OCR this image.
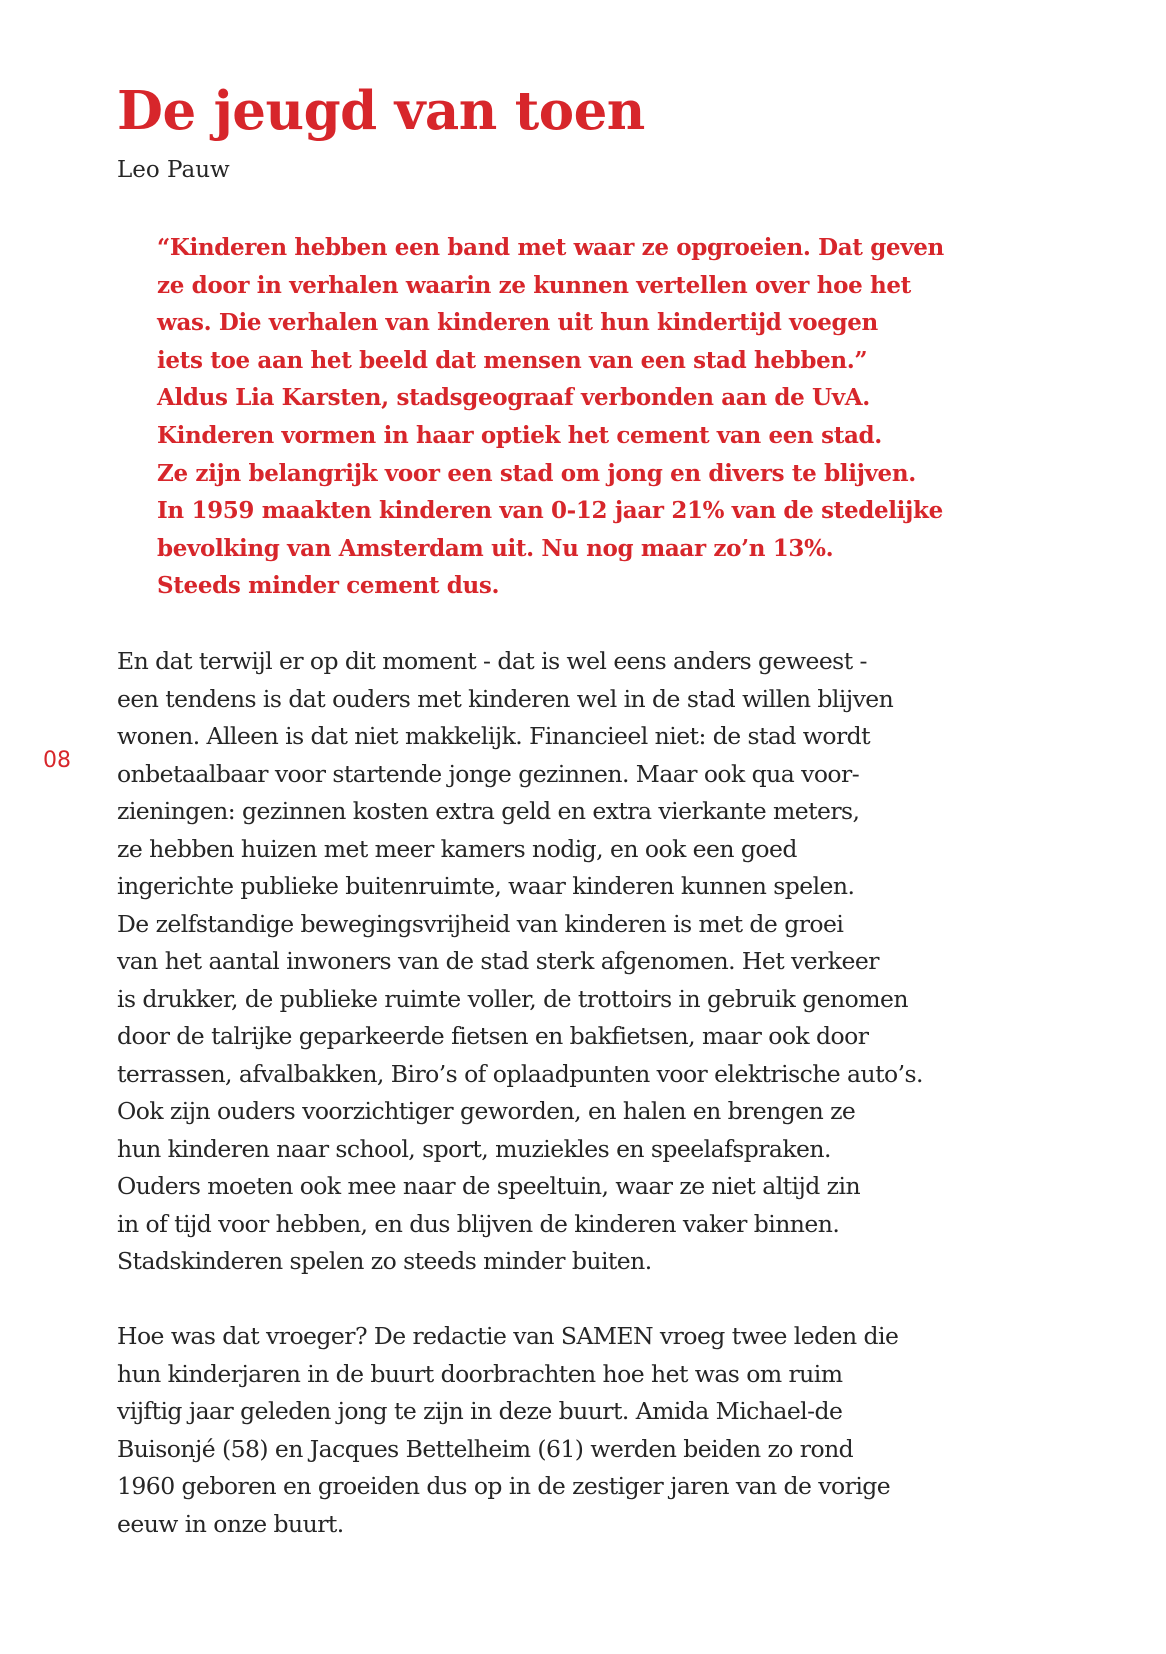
De jeugd van toen
Leo Pauw
“Kinderen hebben een band met waar ze opgroeien. Dat geven
ze door in verhalen waarin ze kunnen vertellen over hoe het
was. Die verhalen van kinderen uit hun kindertijd voegen
iets toe aan het beeld dat mensen van een stad hebben.”
Aldus Lia Karsten, stadsgeograaf verbonden aan de UvA.
Kinderen vormen in haar optiek het cement van een stad.
Ze zijn belangrijk voor een stad om jong en divers te blijven.
In 1959 maakten kinderen van 0-12 jaar 21% van de stedelijke
bevolking van Amsterdam uit. Nu nog maar zo’n 13%.
Steeds minder cement dus.
08

En dat terwijl er op dit moment - dat is wel eens anders geweest -
een tendens is dat ouders met kinderen wel in de stad willen blijven
wonen. Alleen is dat niet makkelijk. Financieel niet: de stad wordt
onbetaalbaar voor startende jonge gezinnen. Maar ook qua voor-
zieningen: gezinnen kosten extra geld en extra vierkante meters,
ze hebben huizen met meer kamers nodig, en ook een goed
ingerichte publieke buitenruimte, waar kinderen kunnen spelen.
De zelfstandige bewegingsvrijheid van kinderen is met de groei
van het aantal inwoners van de stad sterk afgenomen. Het verkeer
is drukker, de publieke ruimte voller, de trottoirs in gebruik genomen
door de talrijke geparkeerde fietsen en bakfietsen, maar ook door
terrassen, afvalbakken, Biro’s of oplaadpunten voor elektrische auto’s.
Ook zijn ouders voorzichtiger geworden, en halen en brengen ze
hun kinderen naar school, sport, muziekles en speelafspraken.
Ouders moeten ook mee naar de speeltuin, waar ze niet altijd zin
in of tijd voor hebben, en dus blijven de kinderen vaker binnen.
Stadskinderen spelen zo steeds minder buiten.

Hoe was dat vroeger? De redactie van SAMEN vroeg twee leden die
hun kinderjaren in de buurt doorbrachten hoe het was om ruim
vijftig jaar geleden jong te zijn in deze buurt. Amida Michael-de
Buisonjé (58) en Jacques Bettelheim (61) werden beiden zo rond
1960 geboren en groeiden dus op in de zestiger jaren van de vorige
eeuw in onze buurt.
